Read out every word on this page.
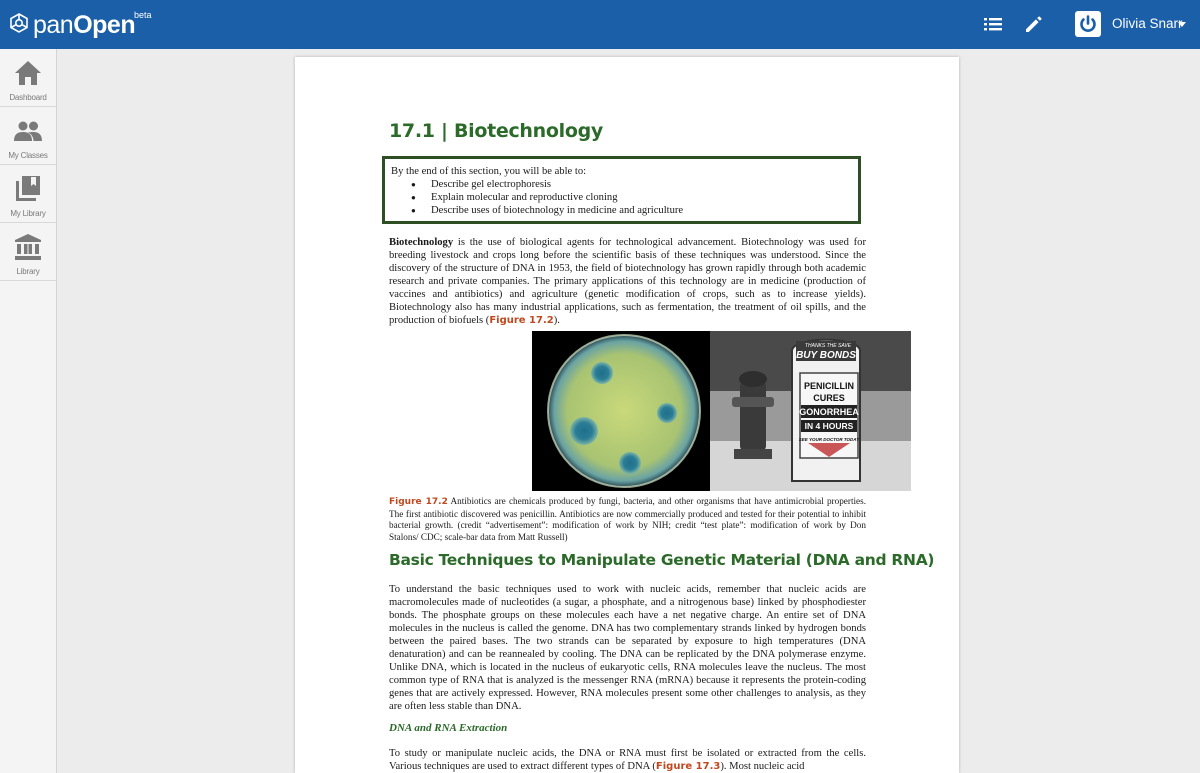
panOpen
beta
Olivia Snarr
Dashboard
My Classes
My Library
Library
17.1 | Biotechnology
By the end of this section, you will be able to:
● Describe gel electrophoresis
● Explain molecular and reproductive cloning
● Describe uses of biotechnology in medicine and agriculture
Biotechnology is the use of biological agents for technological advancement. Biotechnology was used for breeding livestock and crops long before the scientific basis of these techniques was understood. Since the discovery of the structure of DNA in 1953, the field of biotechnology has grown rapidly through both academic research and private companies. The primary applications of this technology are in medicine (production of vaccines and antibiotics) and agriculture (genetic modification of crops, such as to increase yields). Biotechnology also has many industrial applications, such as fermentation, the treatment of oil spills, and the production of biofuels (Figure 17.2).
THANKS THE SAVE
BUY BONDS
PENICILLIN
CURES
GONORRHEA
IN 4 HOURS
SEE YOUR DOCTOR TODAY
Figure 17.2 Antibiotics are chemicals produced by fungi, bacteria, and other organisms that have antimicrobial properties. The first antibiotic discovered was penicillin. Antibiotics are now commercially produced and tested for their potential to inhibit bacterial growth. (credit “advertisement”: modification of work by NIH; credit “test plate”: modification of work by Don Stalons/ CDC; scale-bar data from Matt Russell)
Basic Techniques to Manipulate Genetic Material (DNA and RNA)
To understand the basic techniques used to work with nucleic acids, remember that nucleic acids are macromolecules made of nucleotides (a sugar, a phosphate, and a nitrogenous base) linked by phosphodiester bonds. The phosphate groups on these molecules each have a net negative charge. An entire set of DNA molecules in the nucleus is called the genome. DNA has two complementary strands linked by hydrogen bonds between the paired bases. The two strands can be separated by exposure to high temperatures (DNA denaturation) and can be reannealed by cooling. The DNA can be replicated by the DNA polymerase enzyme. Unlike DNA, which is located in the nucleus of eukaryotic cells, RNA molecules leave the nucleus. The most common type of RNA that is analyzed is the messenger RNA (mRNA) because it represents the protein-coding genes that are actively expressed. However, RNA molecules present some other challenges to analysis, as they are often less stable than DNA.
DNA and RNA Extraction
To study or manipulate nucleic acids, the DNA or RNA must first be isolated or extracted from the cells. Various techniques are used to extract different types of DNA (Figure 17.3). Most nucleic acid
